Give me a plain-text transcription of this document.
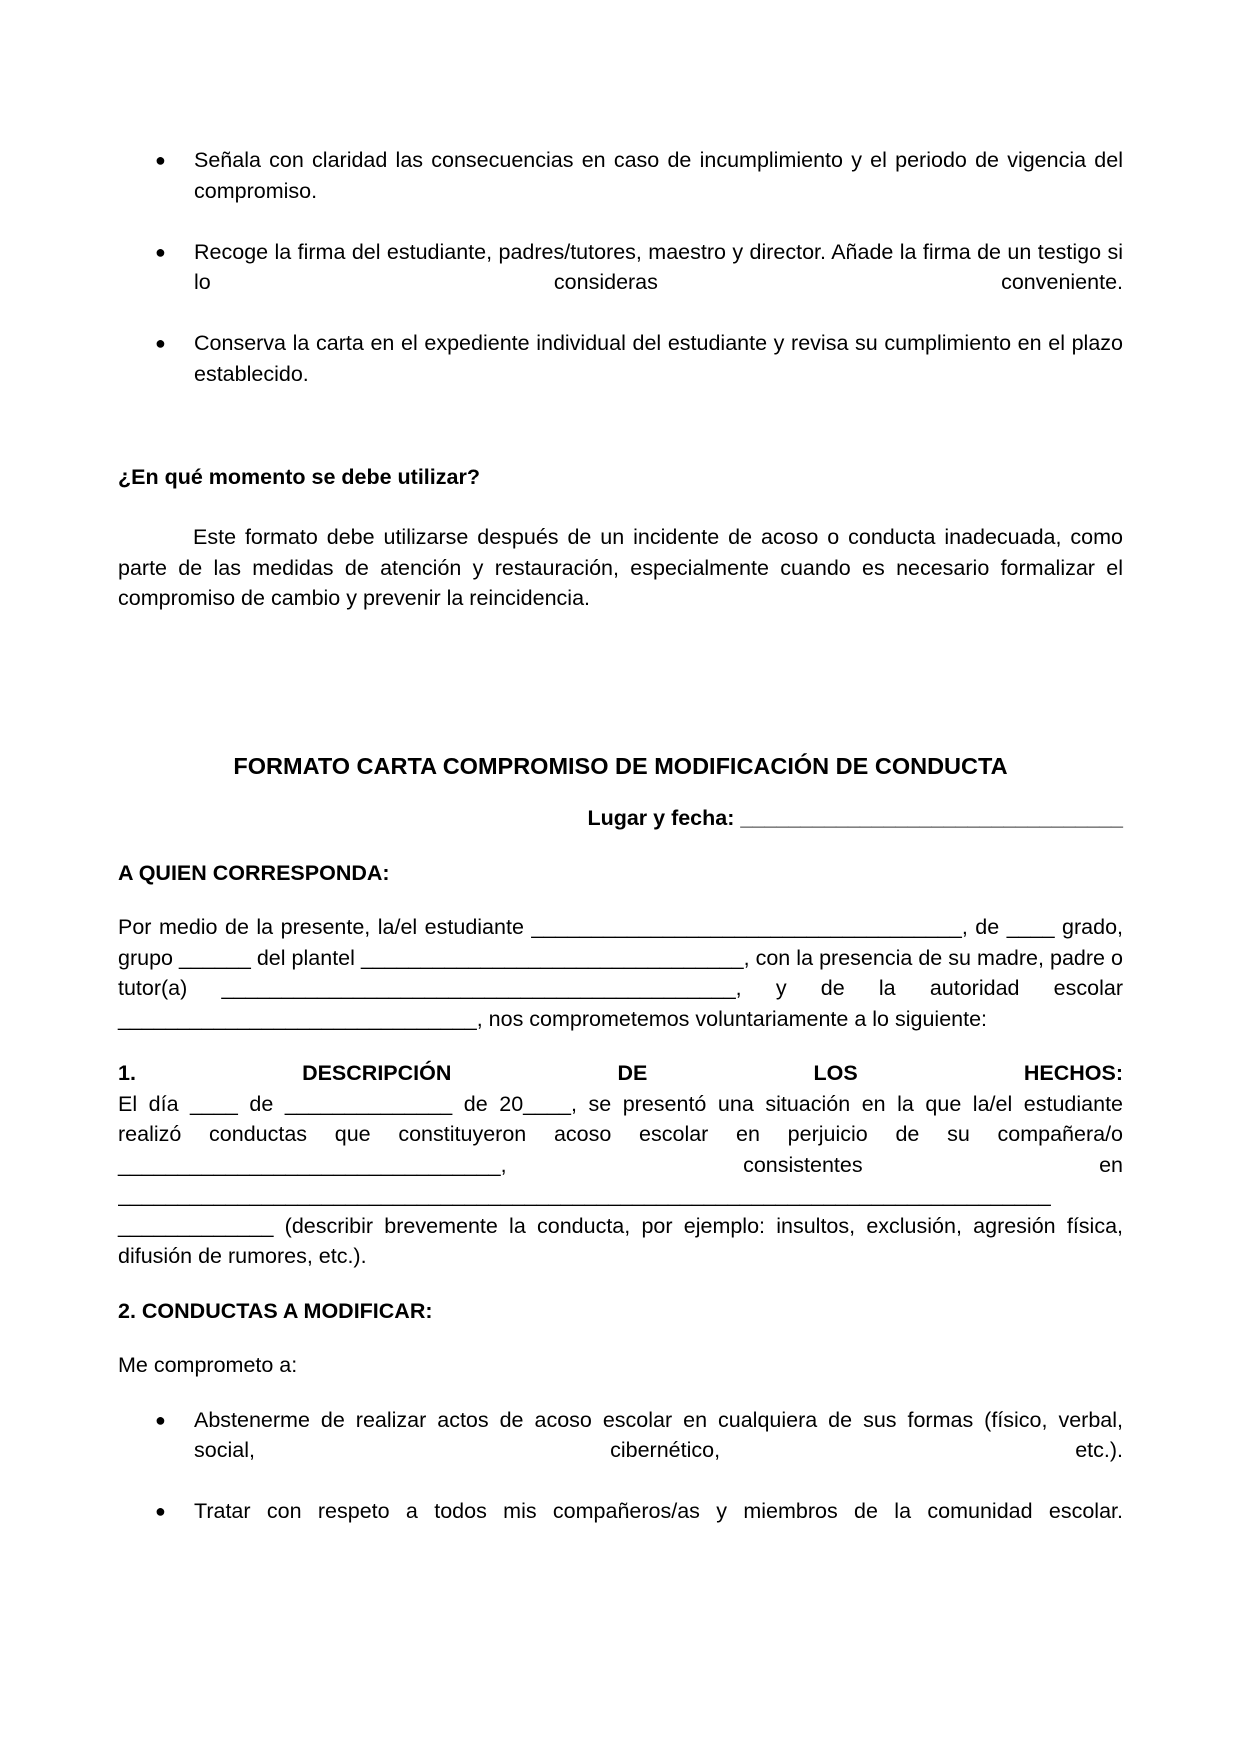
● Señala con claridad las consecuencias en caso de incumplimiento y el periodo de vigencia del compromiso.
● Recoge la firma del estudiante, padres/tutores, maestro y director. Añade la firma de un testigo si lo consideras conveniente.
● Conserva la carta en el expediente individual del estudiante y revisa su cumplimiento en el plazo establecido.

¿En qué momento se debe utilizar?

Este formato debe utilizarse después de un incidente de acoso o conducta inadecuada, como parte de las medidas de atención y restauración, especialmente cuando es necesario formalizar el compromiso de cambio y prevenir la reincidencia.

FORMATO CARTA COMPROMISO DE MODIFICACIÓN DE CONDUCTA

Lugar y fecha: ________________________________

A QUIEN CORRESPONDA:

Por medio de la presente, la/el estudiante ____________________________________, de ____ grado, grupo ______ del plantel ________________________________, con la presencia de su madre, padre o tutor(a) ___________________________________________, y de la autoridad escolar ______________________________, nos comprometemos voluntariamente a lo siguiente:

1.	DESCRIPCIÓN	DE	LOS	HECHOS:

El día ____ de ______________ de 20____, se presentó una situación en la que la/el estudiante

realizó conductas que constituyeron acoso escolar en perjuicio de su compañera/o

________________________________,	consistentes	en

______________________________________________________________________________

_____________ (describir brevemente la conducta, por ejemplo: insultos, exclusión, agresión física, difusión de rumores, etc.).

2. CONDUCTAS A MODIFICAR:

Me comprometo a:

● Abstenerme de realizar actos de acoso escolar en cualquiera de sus formas (físico, verbal, social, cibernético, etc.).
● Tratar con respeto a todos mis compañeros/as y miembros de la comunidad escolar.
